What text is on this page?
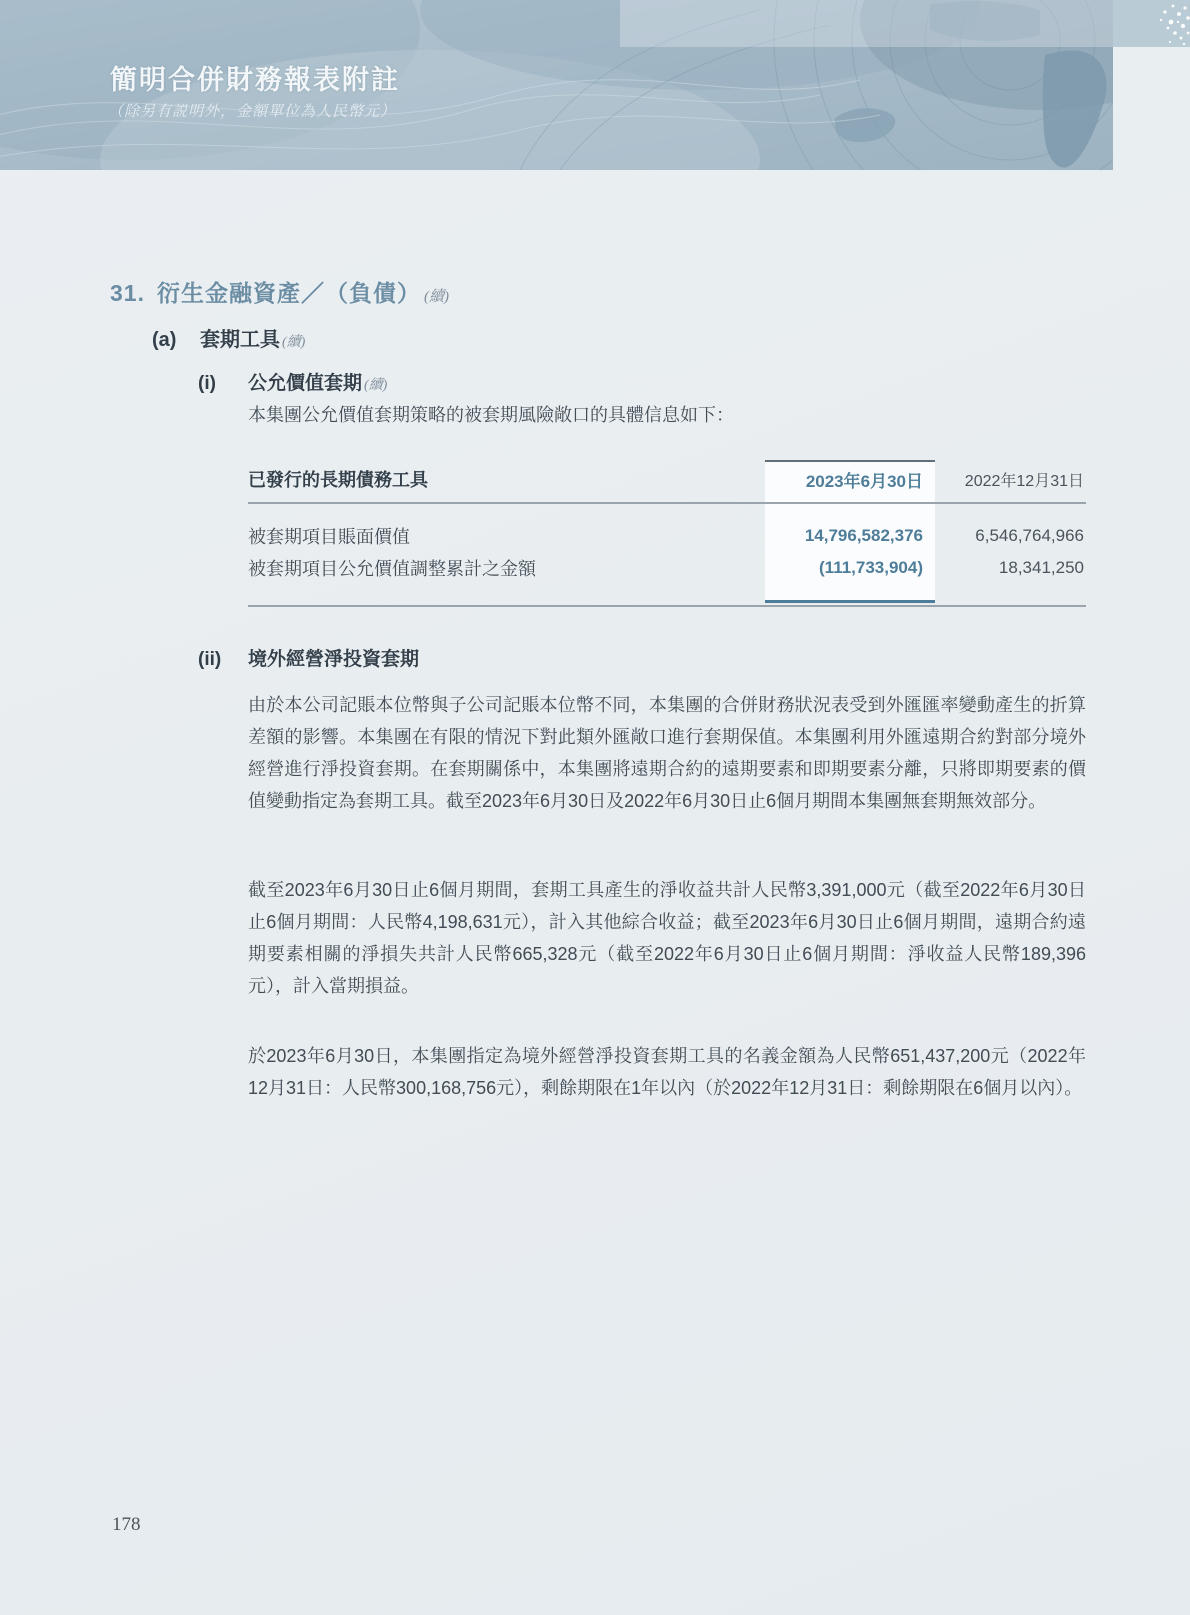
簡明合併財務報表附註
（除另有説明外，金額單位為人民幣元）
31. 衍生金融資產／（負債） (續)
(a)	套期工具 (續)
(i)	公允價值套期 (續)
本集團公允價值套期策略的被套期風險敞口的具體信息如下：
已發行的長期債務工具	2023年6月30日	2022年12月31日
被套期項目賬面價值	14,796,582,376	6,546,764,966
被套期項目公允價值調整累計之金額	(111,733,904)	18,341,250
(ii)	境外經營淨投資套期
由於本公司記賬本位幣與子公司記賬本位幣不同，本集團的合併財務狀況表受到外匯匯率變動產生的折算差額的影響。本集團在有限的情況下對此類外匯敞口進行套期保值。本集團利用外匯遠期合約對部分境外經營進行淨投資套期。在套期關係中，本集團將遠期合約的遠期要素和即期要素分離，只將即期要素的價值變動指定為套期工具。截至2023年6月30日及2022年6月30日止6個月期間本集團無套期無效部分。
截至2023年6月30日止6個月期間，套期工具產生的淨收益共計人民幣3,391,000元（截至2022年6月30日止6個月期間：人民幣4,198,631元），計入其他綜合收益；截至2023年6月30日止6個月期間，遠期合約遠期要素相關的淨損失共計人民幣665,328元（截至2022年6月30日止6個月期間：淨收益人民幣189,396元），計入當期損益。
於2023年6月30日，本集團指定為境外經營淨投資套期工具的名義金額為人民幣651,437,200元（2022年12月31日：人民幣300,168,756元），剩餘期限在1年以內（於2022年12月31日：剩餘期限在6個月以內）。
178
